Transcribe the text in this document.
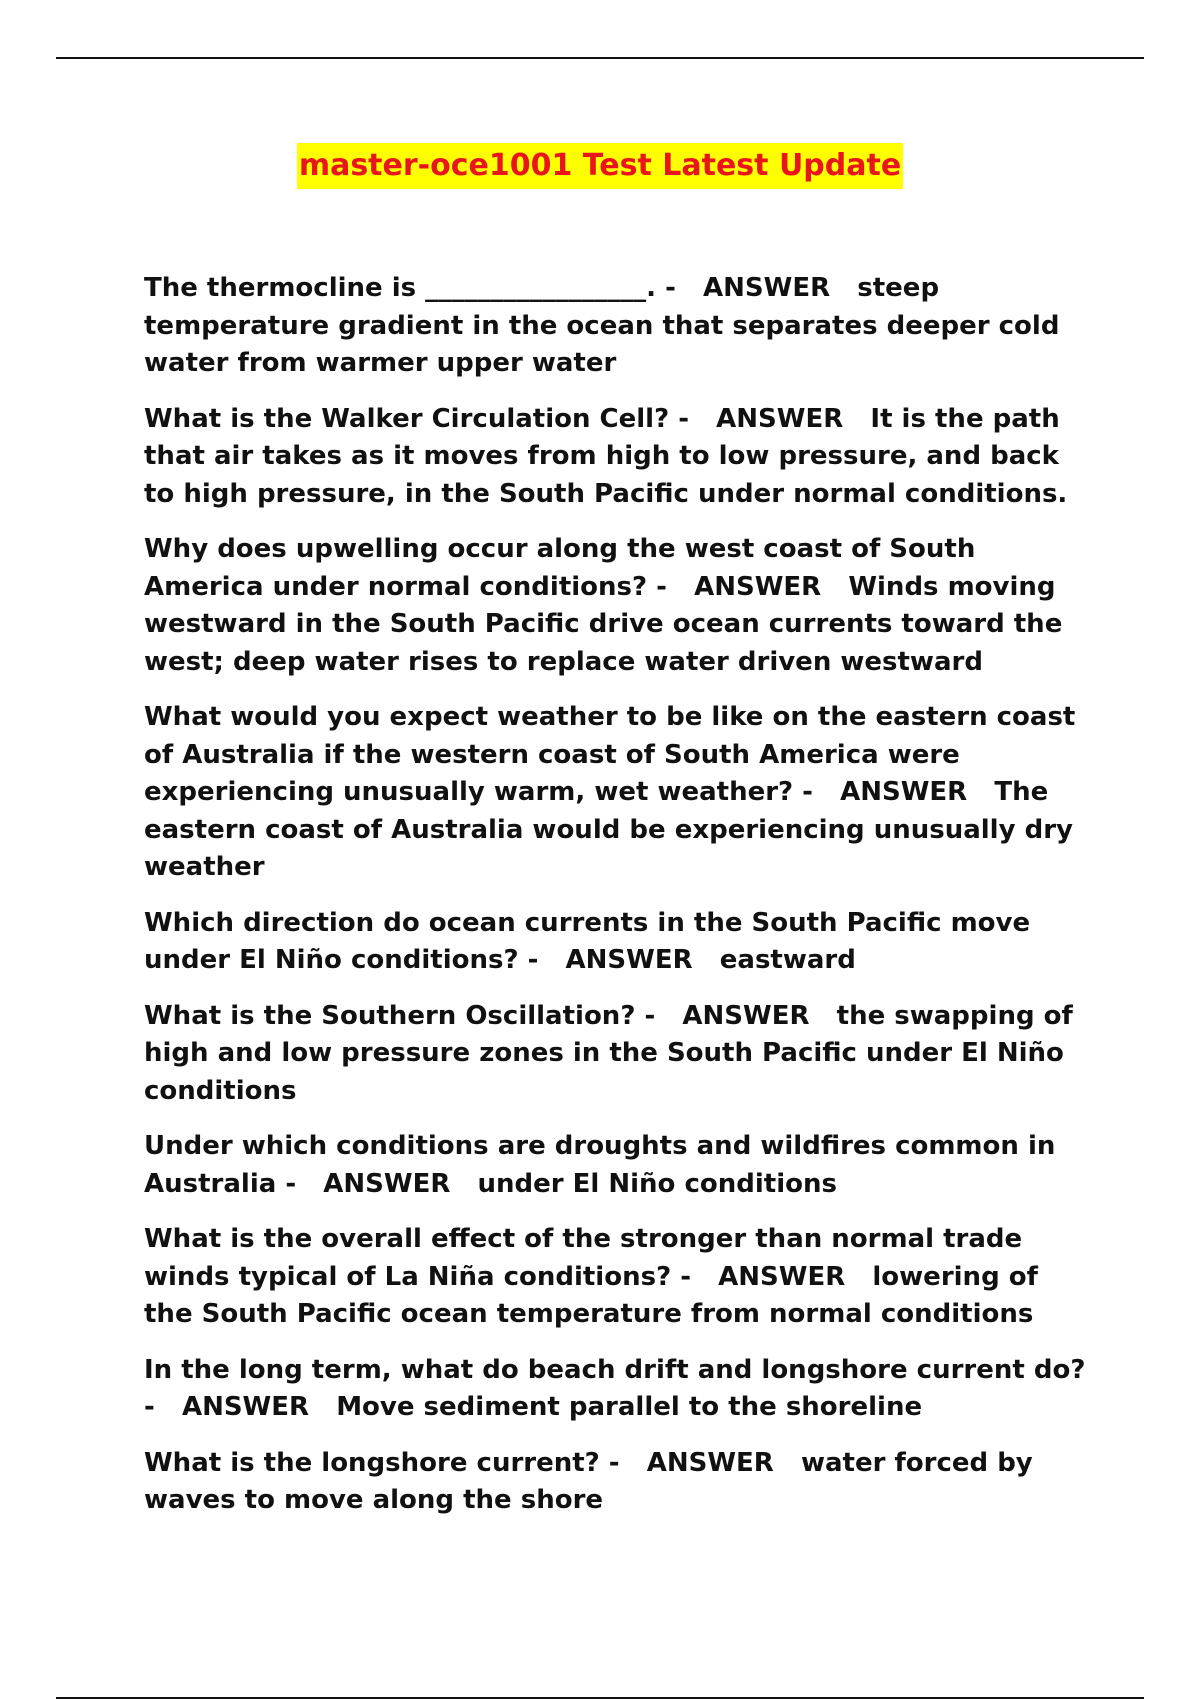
master-oce1001 Test Latest Update

The thermocline is _________________. - ANSWER steep temperature gradient in the ocean that separates deeper cold water from warmer upper water

What is the Walker Circulation Cell? - ANSWER It is the path that air takes as it moves from high to low pressure, and back to high pressure, in the South Pacific under normal conditions.

Why does upwelling occur along the west coast of South America under normal conditions? - ANSWER Winds moving westward in the South Pacific drive ocean currents toward the west; deep water rises to replace water driven westward

What would you expect weather to be like on the eastern coast of Australia if the western coast of South America were experiencing unusually warm, wet weather? - ANSWER The eastern coast of Australia would be experiencing unusually dry weather

Which direction do ocean currents in the South Pacific move under El Niño conditions? - ANSWER eastward

What is the Southern Oscillation? - ANSWER the swapping of high and low pressure zones in the South Pacific under El Niño conditions

Under which conditions are droughts and wildfires common in Australia - ANSWER under El Niño conditions

What is the overall effect of the stronger than normal trade winds typical of La Niña conditions? - ANSWER lowering of the South Pacific ocean temperature from normal conditions

In the long term, what do beach drift and longshore current do? - ANSWER Move sediment parallel to the shoreline

What is the longshore current? - ANSWER water forced by waves to move along the shore
